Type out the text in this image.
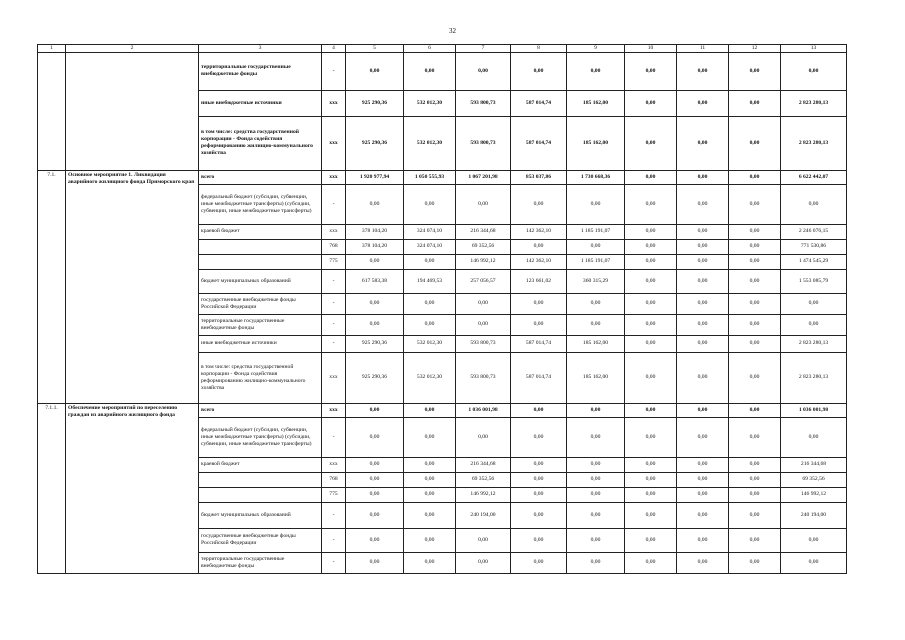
32
1	2	3	4	5	6	7	8	9	10	11	12	13
		территориальные государственные внебюджетные фонды	-	0,00	0,00	0,00	0,00	0,00	0,00	0,00	0,00	0,00
		иные внебюджетные источники	ххх	925 290,36	532 012,30	593 800,73	587 014,74	185 162,00	0,00	0,00	0,00	2 823 280,13
		в том числе: средства государственной корпорации - Фонда содействия реформированию жилищно-коммунального хозяйства	ххх	925 290,36	532 012,30	593 800,73	587 014,74	185 162,00	0,00	0,00	0,00	2 823 280,13
7.1.	Основное мероприятие 1. Ликвидация аварийного жилищного фонда Приморского края	всего	ххх	1 920 977,94	1 050 555,93	1 067 201,98	853 037,86	1 730 668,36	0,00	0,00	0,00	6 622 442,07
		федеральный бюджет (субсидии, субвенции, иные межбюджетные трансферты) (субсидии, субвенции, иные межбюджетные трансферты)	-	0,00	0,00	0,00	0,00	0,00	0,00	0,00	0,00	0,00
		краевой бюджет	ххх	378 104,20	324 074,10	216 344,68	142 362,10	1 185 191,07	0,00	0,00	0,00	2 246 076,15
			768	378 104,20	324 074,10	69 352,56	0,00	0,00	0,00	0,00	0,00	771 530,86
			775	0,00	0,00	146 992,12	142 362,10	1 185 191,07	0,00	0,00	0,00	1 474 545,29
		бюджет муниципальных образований	-	617 583,38	194 469,53	257 056,57	123 661,02	360 315,29	0,00	0,00	0,00	1 553 085,79
		государственные внебюджетные фонды Российской Федерации	-	0,00	0,00	0,00	0,00	0,00	0,00	0,00	0,00	0,00
		территориальные государственные внебюджетные фонды	-	0,00	0,00	0,00	0,00	0,00	0,00	0,00	0,00	0,00
		иные внебюджетные источники	-	925 290,36	532 012,30	593 800,73	587 014,74	185 162,00	0,00	0,00	0,00	2 823 280,13
		в том числе: средства государственной корпорации - Фонда содействия реформированию жилищно-коммунального хозяйства	ххх	925 290,36	532 012,30	593 800,73	587 014,74	185 162,00	0,00	0,00	0,00	2 823 280,13
7.1.1.	Обеспечение мероприятий по переселению граждан из аварийного жилищного фонда	всего	ххх	0,00	0,00	1 036 001,98	0,00	0,00	0,00	0,00	0,00	1 036 001,98
		федеральный бюджет (субсидии, субвенции, иные межбюджетные трансферты) (субсидии, субвенции, иные межбюджетные трансферты)	-	0,00	0,00	0,00	0,00	0,00	0,00	0,00	0,00	0,00
		краевой бюджет	ххх	0,00	0,00	216 344,68	0,00	0,00	0,00	0,00	0,00	216 344,68
			768	0,00	0,00	69 352,56	0,00	0,00	0,00	0,00	0,00	69 352,56
			775	0,00	0,00	146 992,12	0,00	0,00	0,00	0,00	0,00	146 992,12
		бюджет муниципальных образований	-	0,00	0,00	240 194,00	0,00	0,00	0,00	0,00	0,00	240 194,00
		государственные внебюджетные фонды Российской Федерации	-	0,00	0,00	0,00	0,00	0,00	0,00	0,00	0,00	0,00
		территориальные государственные внебюджетные фонды	-	0,00	0,00	0,00	0,00	0,00	0,00	0,00	0,00	0,00
